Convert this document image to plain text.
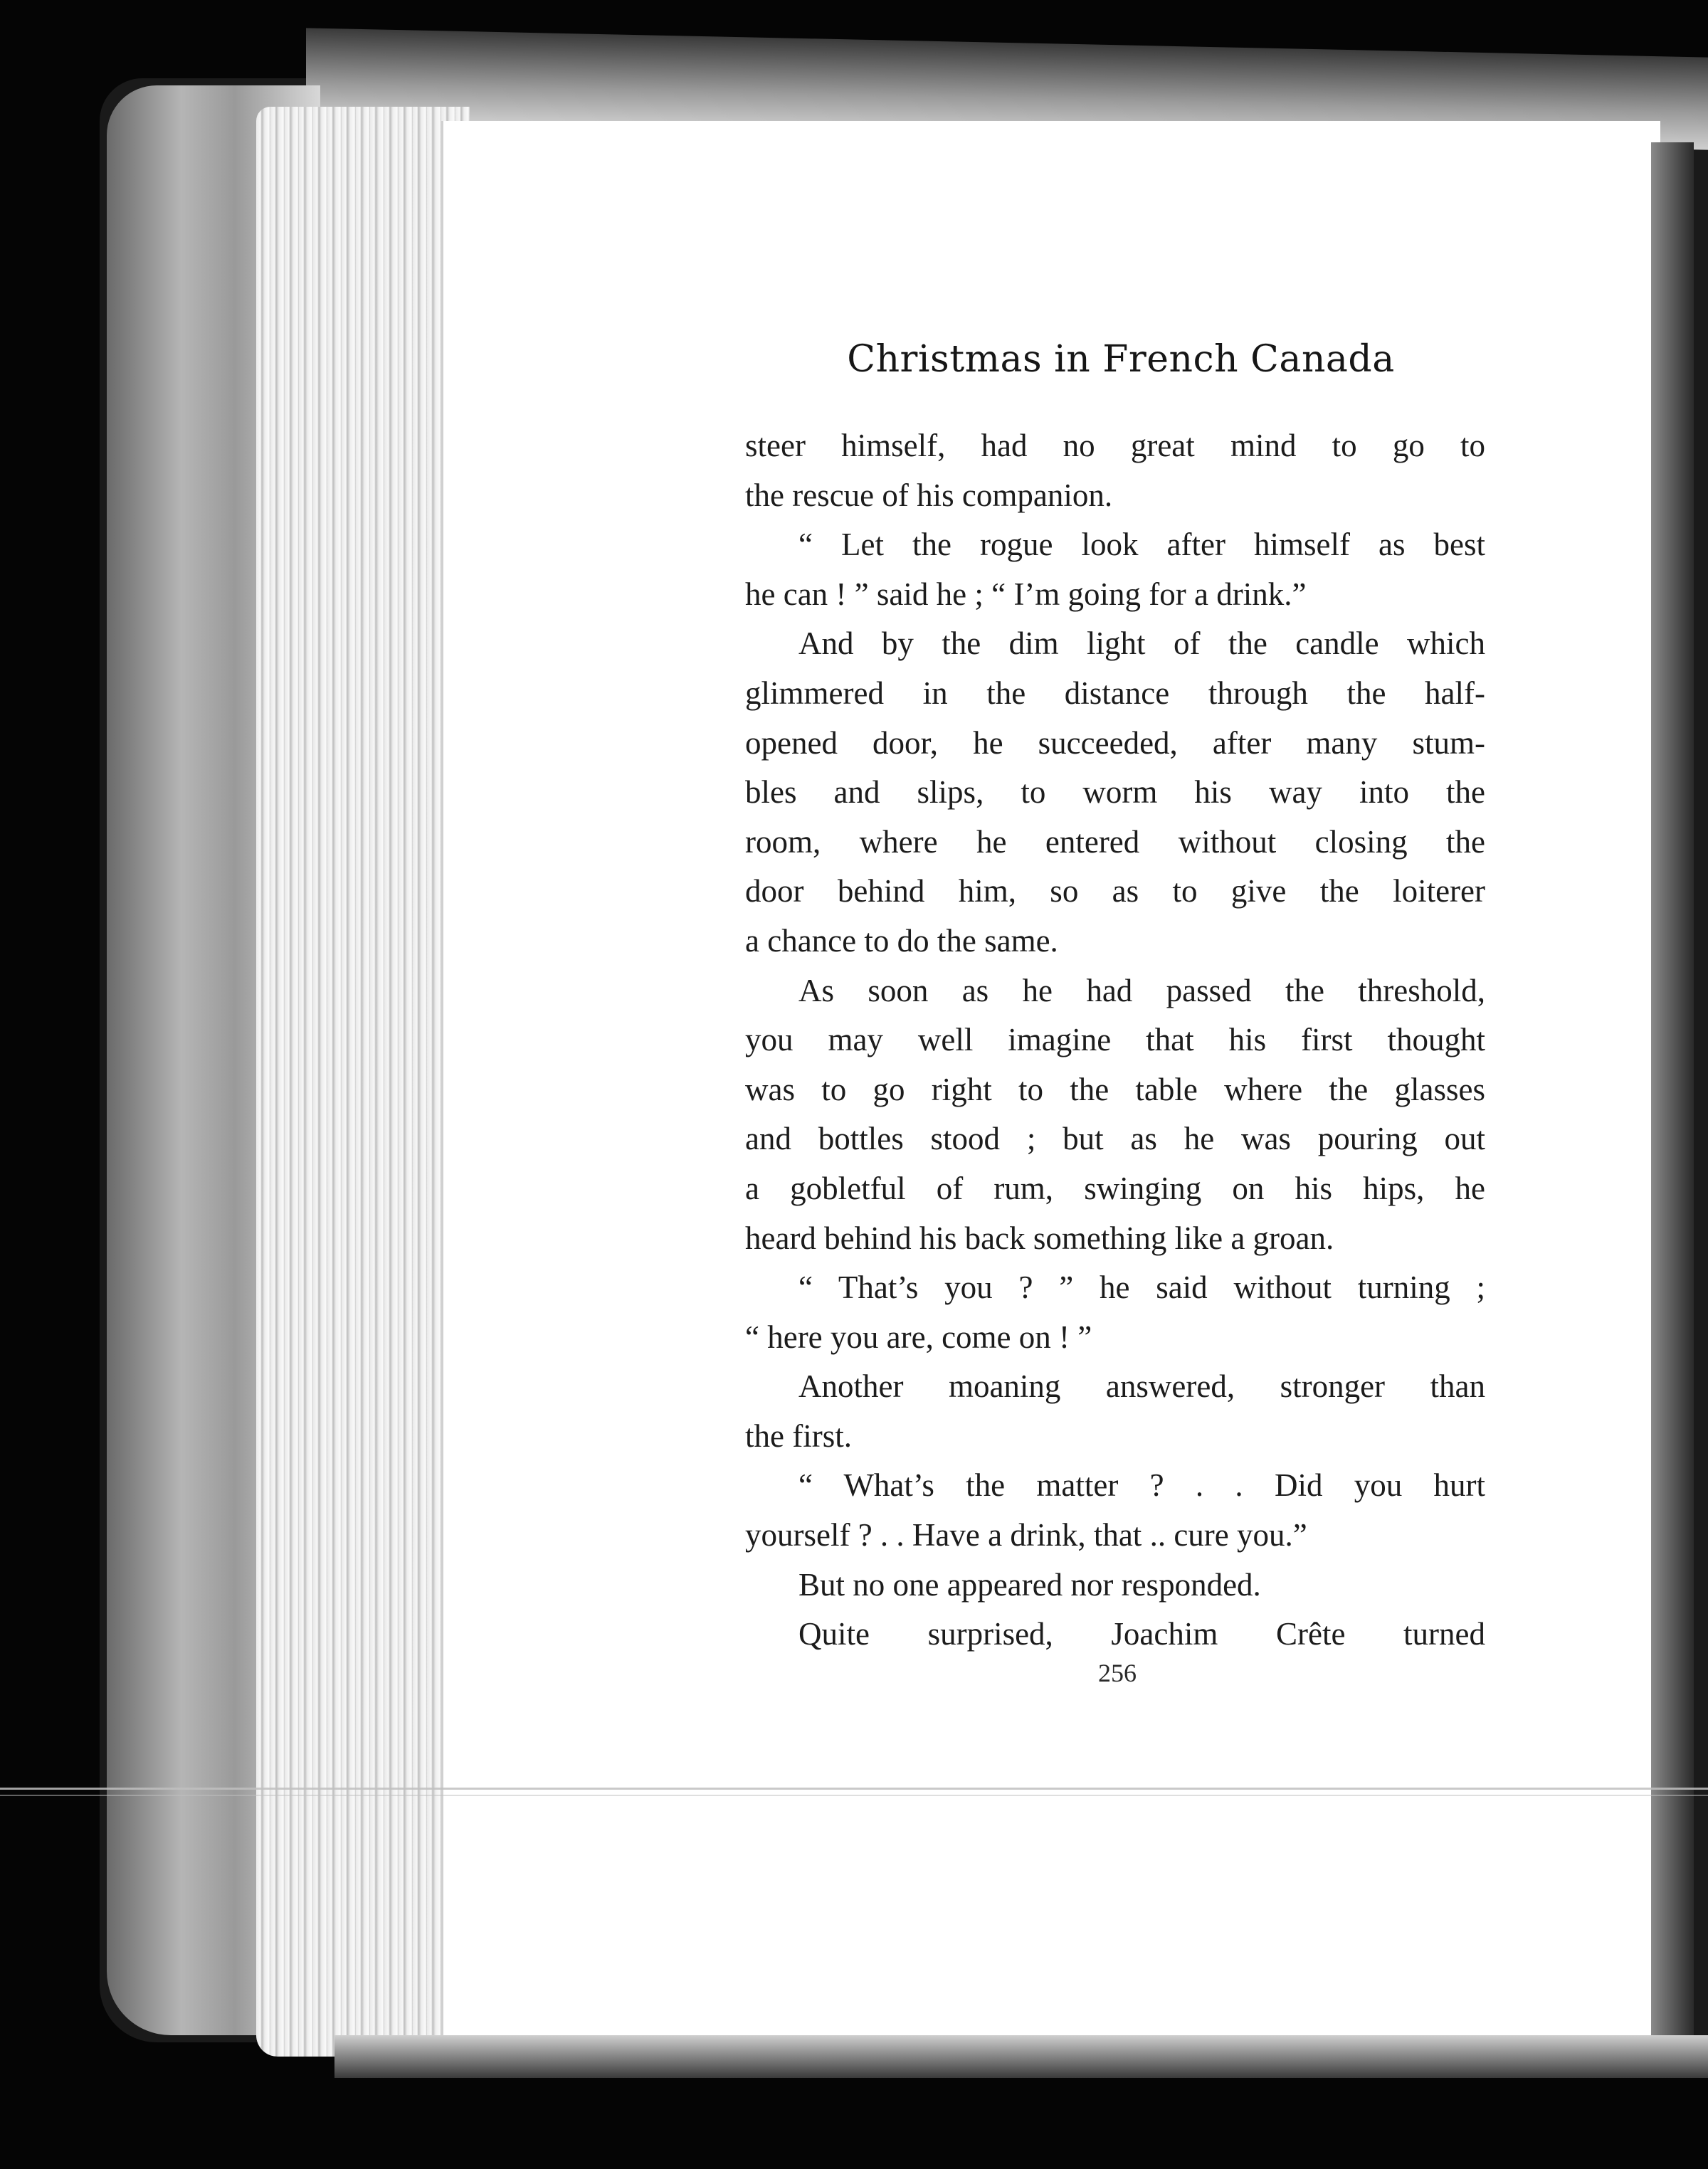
Christmas in French Canada
steer himself, had no great mind to go to
the rescue of his companion.
“ Let the rogue look after himself as best
he can ! ” said he ; “ I’m going for a drink.”
And by the dim light of the candle which
glimmered in the distance through the half-
opened door, he succeeded, after many stum-
bles and slips, to worm his way into the
room, where he entered without closing the
door behind him, so as to give the loiterer
a chance to do the same.
As soon as he had passed the threshold,
you may well imagine that his first thought
was to go right to the table where the glasses
and bottles stood ; but as he was pouring out
a gobletful of rum, swinging on his hips, he
heard behind his back something like a groan.
“ That’s you ? ” he said without turning ;
“ here you are, come on ! ”
Another moaning answered, stronger than
the first.
“ What’s the matter ? . . Did you hurt
yourself ? . . Have a drink, that .. cure you.”
But no one appeared nor responded.
Quite surprised, Joachim Crête turned
256
